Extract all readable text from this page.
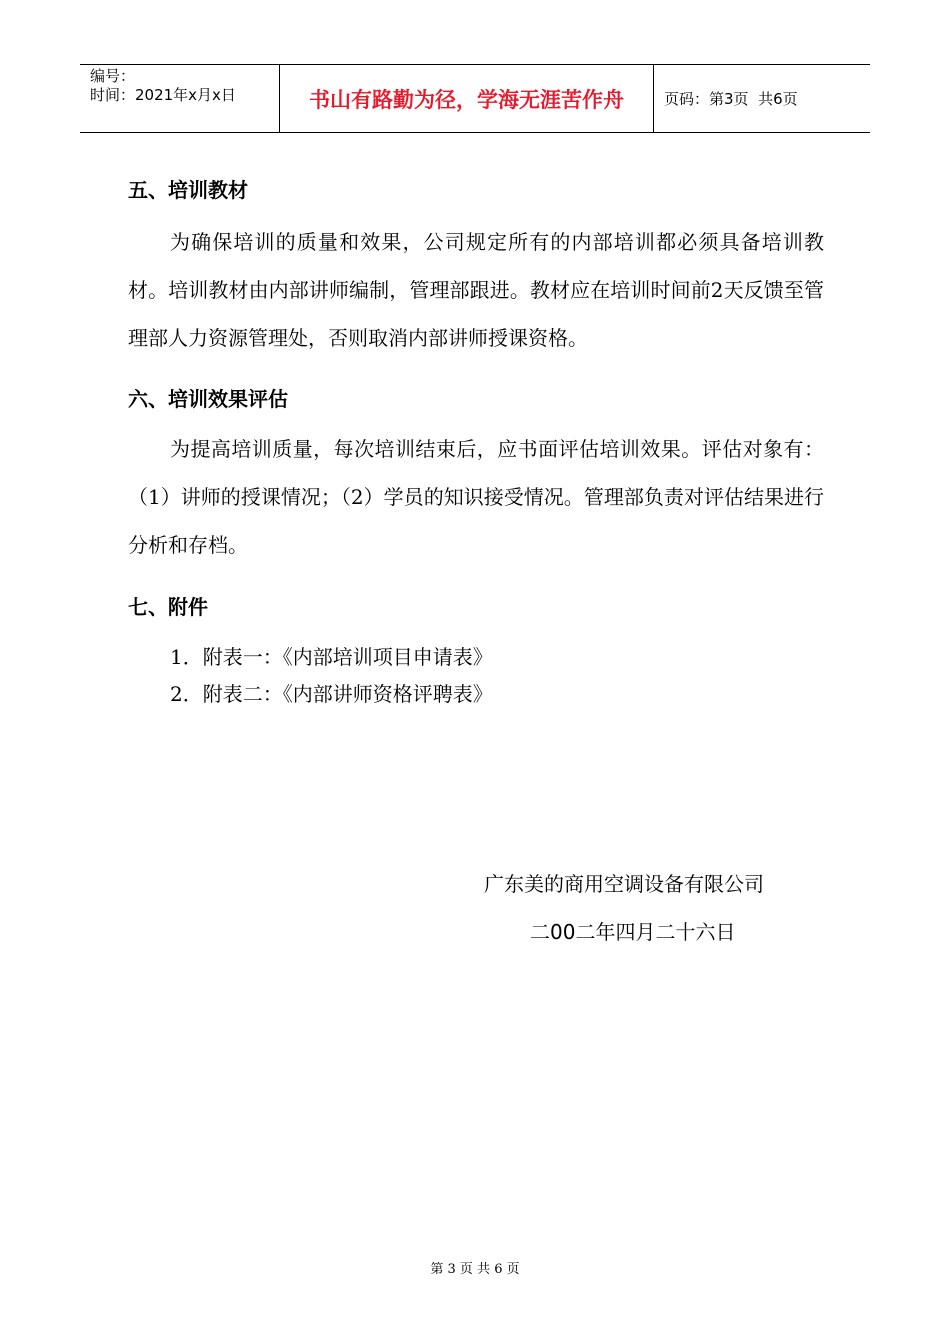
编号：
时间：2021年x月x日	书山有路勤为径，学海无涯苦作舟	页码：第3页  共6页
五、培训教材
为确保培训的质量和效果，公司规定所有的内部培训都必须具备培训教材。培训教材由内部讲师编制，管理部跟进。教材应在培训时间前2天反馈至管理部人力资源管理处，否则取消内部讲师授课资格。
六、培训效果评估
为提高培训质量，每次培训结束后，应书面评估培训效果。评估对象有：（1）讲师的授课情况；（2）学员的知识接受情况。管理部负责对评估结果进行分析和存档。
七、附件
1．附表一：《内部培训项目申请表》
2．附表二：《内部讲师资格评聘表》
广东美的商用空调设备有限公司
二00二年四月二十六日
第 3 页 共 6 页
